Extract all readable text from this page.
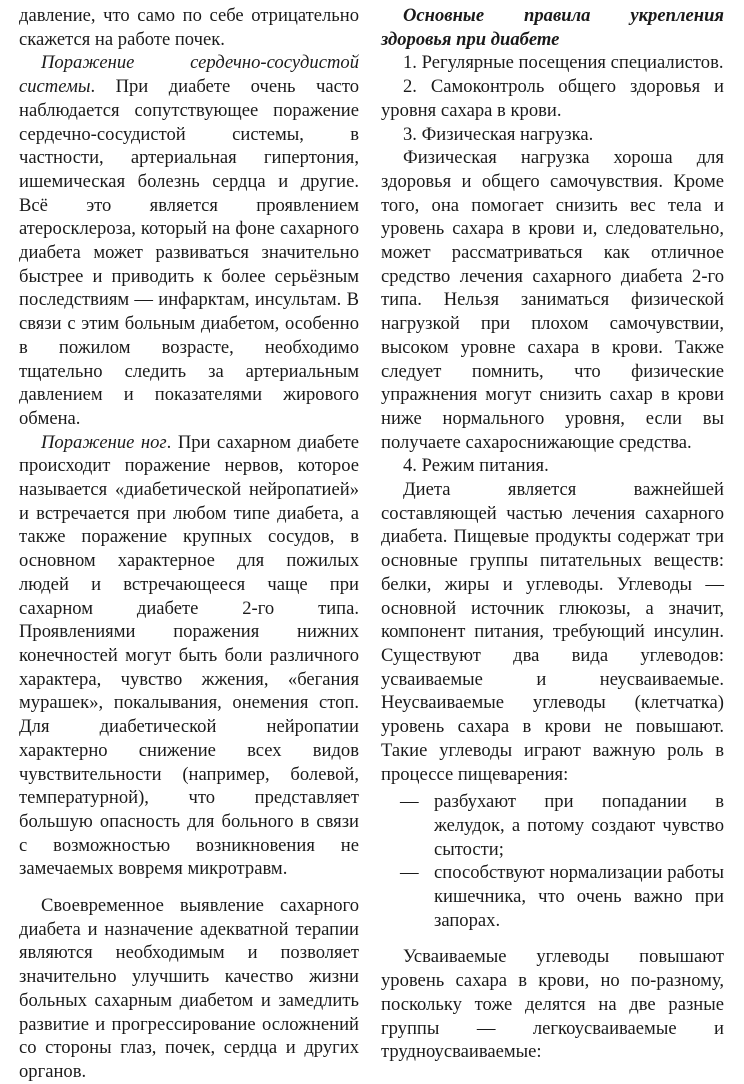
давление, что само по себе отрицательно скажется на работе почек.

Поражение сердечно-сосудистой системы. При диабете очень часто наблюдается сопутствующее поражение сердечно-сосудистой системы, в частности, артериальная гипертония, ишемическая болезнь сердца и другие. Всё это является проявлением атеросклероза, который на фоне сахарного диабета может развиваться значительно быстрее и приводить к более серьёзным последствиям — инфарктам, инсультам. В связи с этим больным диабетом, особенно в пожилом возрасте, необходимо тщательно следить за артериальным давлением и показателями жирового обмена.

Поражение ног. При сахарном диабете происходит поражение нервов, которое называется «диабетической нейропатией» и встречается при любом типе диабета, а также поражение крупных сосудов, в основном характерное для пожилых людей и встречающееся чаще при сахарном диабете 2-го типа. Проявлениями поражения нижних конечностей могут быть боли различного характера, чувство жжения, «бегания мурашек», покалывания, онемения стоп. Для диабетической нейропатии характерно снижение всех видов чувствительности (например, болевой, температурной), что представляет большую опасность для больного в связи с возможностью возникновения не замечаемых вовремя микротравм.

Своевременное выявление сахарного диабета и назначение адекватной терапии являются необходимым и позволяет значительно улучшить качество жизни больных сахарным диабетом и замедлить развитие и прогрессирование осложнений со стороны глаз, почек, сердца и других органов.

Основные правила укрепления здоровья при диабете

1. Регулярные посещения специалистов.

2. Самоконтроль общего здоровья и уровня сахара в крови.

3. Физическая нагрузка.

Физическая нагрузка хороша для здоровья и общего самочувствия. Кроме того, она помогает снизить вес тела и уровень сахара в крови и, следовательно, может рассматриваться как отличное средство лечения сахарного диабета 2-го типа. Нельзя заниматься физической нагрузкой при плохом самочувствии, высоком уровне сахара в крови. Также следует помнить, что физические упражнения могут снизить сахар в крови ниже нормального уровня, если вы получаете сахароснижающие средства.

4. Режим питания.

Диета является важнейшей составляющей частью лечения сахарного диабета. Пищевые продукты содержат три основные группы питательных веществ: белки, жиры и углеводы. Углеводы — основной источник глюкозы, а значит, компонент питания, требующий инсулин. Существуют два вида углеводов: усваиваемые и неусваиваемые. Неусваиваемые углеводы (клетчатка) уровень сахара в крови не повышают. Такие углеводы играют важную роль в процессе пищеварения:

— разбухают при попадании в желудок, а потому создают чувство сытости;
— способствуют нормализации работы кишечника, что очень важно при запорах.

Усваиваемые углеводы повышают уровень сахара в крови, но по-разному, поскольку тоже делятся на две разные группы — легкоусваиваемые и трудноусваиваемые:
